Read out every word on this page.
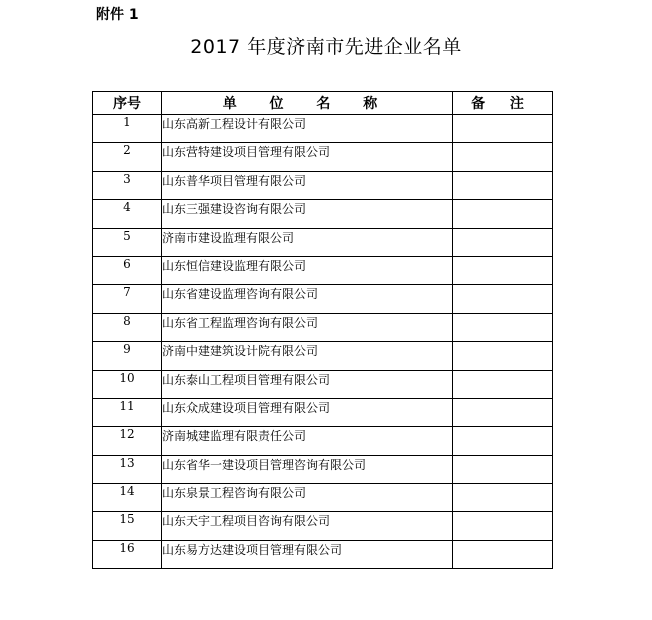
附件 1
2017 年度济南市先进企业名单
序号	单 位 名 称	备 注
1	山东高新工程设计有限公司	
2	山东营特建设项目管理有限公司	
3	山东普华项目管理有限公司	
4	山东三强建设咨询有限公司	
5	济南市建设监理有限公司	
6	山东恒信建设监理有限公司	
7	山东省建设监理咨询有限公司	
8	山东省工程监理咨询有限公司	
9	济南中建建筑设计院有限公司	
10	山东泰山工程项目管理有限公司	
11	山东众成建设项目管理有限公司	
12	济南城建监理有限责任公司	
13	山东省华一建设项目管理咨询有限公司	
14	山东泉景工程咨询有限公司	
15	山东天宇工程项目咨询有限公司	
16	山东易方达建设项目管理有限公司	
